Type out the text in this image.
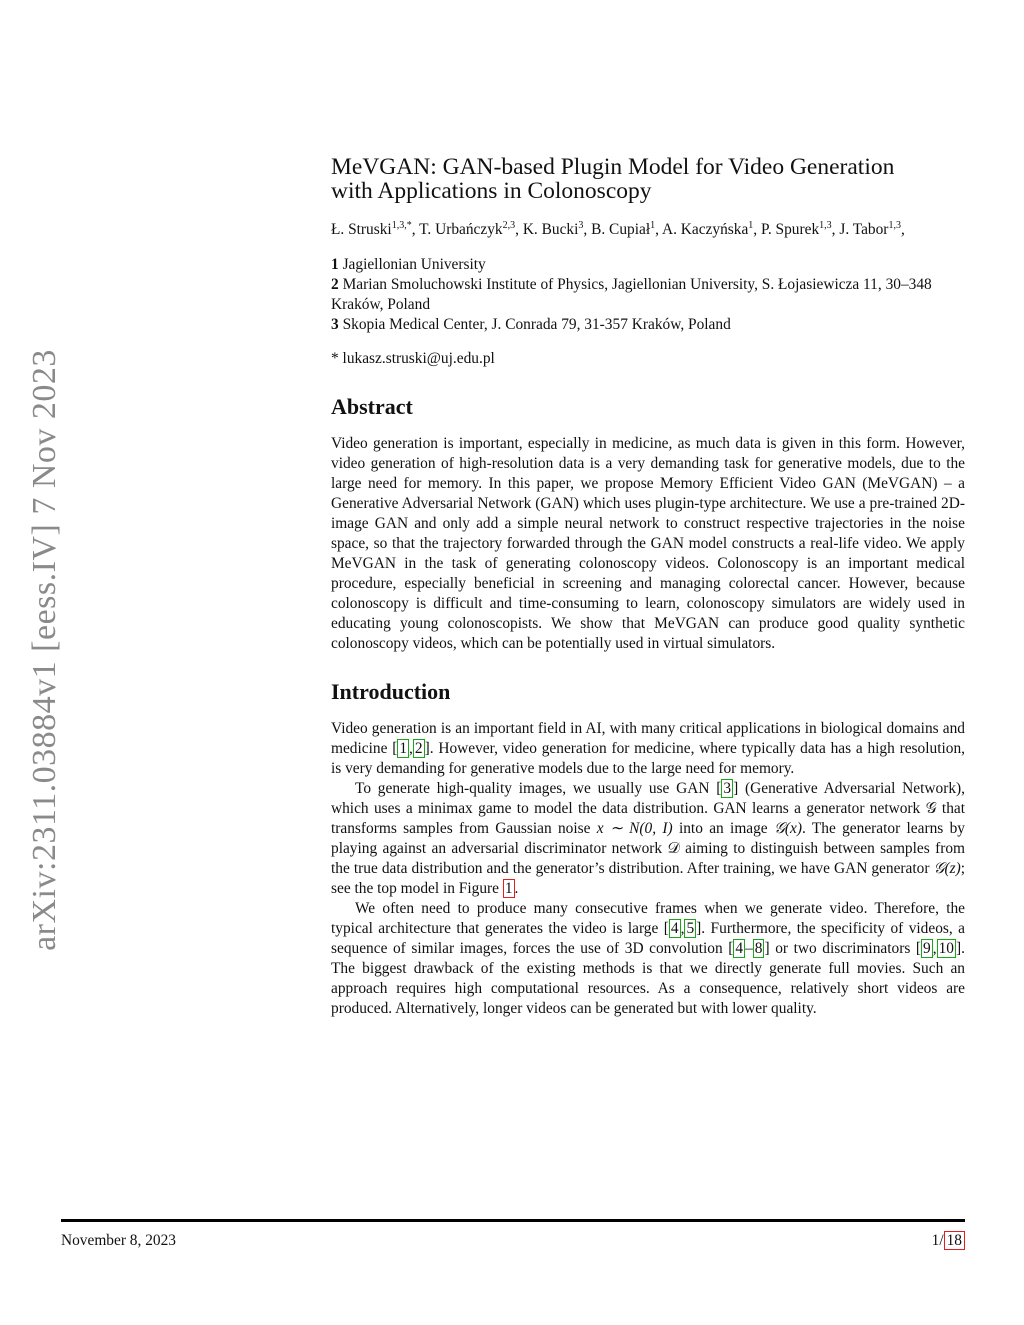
arXiv:2311.03884v1 [eess.IV] 7 Nov 2023
MeVGAN: GAN-based Plugin Model for Video Generation
with Applications in Colonoscopy
Ł. Struski$^{1,3,*}$, T. Urbańczyk$^{2,3}$, K. Bucki$^3$, B. Cupiał$^1$, A. Kaczyńska$^1$, P. Spurek$^{1,3}$, J. Tabor$^{1,3}$,
1 Jagiellonian University
2 Marian Smoluchowski Institute of Physics, Jagiellonian University, S. Łojasiewicza 11, 30–348 Kraków, Poland
3 Skopia Medical Center, J. Conrada 79, 31-357 Kraków, Poland
* lukasz.struski@uj.edu.pl
Abstract

Video generation is important, especially in medicine, as much data is given in this form. However, video generation of high-resolution data is a very demanding task for generative models, due to the large need for memory. In this paper, we propose Memory Efficient Video GAN (MeVGAN) – a Generative Adversarial Network (GAN) which uses plugin-type architecture. We use a pre-trained 2D-image GAN and only add a simple neural network to construct respective trajectories in the noise space, so that the trajectory forwarded through the GAN model constructs a real-life video. We apply MeVGAN in the task of generating colonoscopy videos. Colonoscopy is an important medical procedure, especially beneficial in screening and managing colorectal cancer. However, because colonoscopy is difficult and time-consuming to learn, colonoscopy simulators are widely used in educating young colonoscopists. We show that MeVGAN can produce good quality synthetic colonoscopy videos, which can be potentially used in virtual simulators.

Introduction

Video generation is an important field in AI, with many critical applications in biological domains and medicine [ 1 , 2 ]. However, video generation for medicine, where typically data has a high resolution, is very demanding for generative models due to the large need for memory.

To generate high-quality images, we usually use GAN [ 3 ] (Generative Adversarial Network), which uses a minimax game to model the data distribution. GAN learns a generator network 𝒢 that transforms samples from Gaussian noise x ∼ N(0, I) into an image 𝒢(x). The generator learns by playing against an adversarial discriminator network 𝒟 aiming to distinguish between samples from the true data distribution and the generator’s distribution. After training, we have GAN generator 𝒢(z); see the top model in Figure 1 .

We often need to produce many consecutive frames when we generate video. Therefore, the typical architecture that generates the video is large [ 4 , 5 ]. Furthermore, the specificity of videos, a sequence of similar images, forces the use of 3D convolution [ 4 – 8 ] or two discriminators [ 9 , 10 ]. The biggest drawback of the existing methods is that we directly generate full movies. Such an approach requires high computational resources. As a consequence, relatively short videos are produced. Alternatively, longer videos can be generated but with lower quality.

November 8, 2023	1/ 18
